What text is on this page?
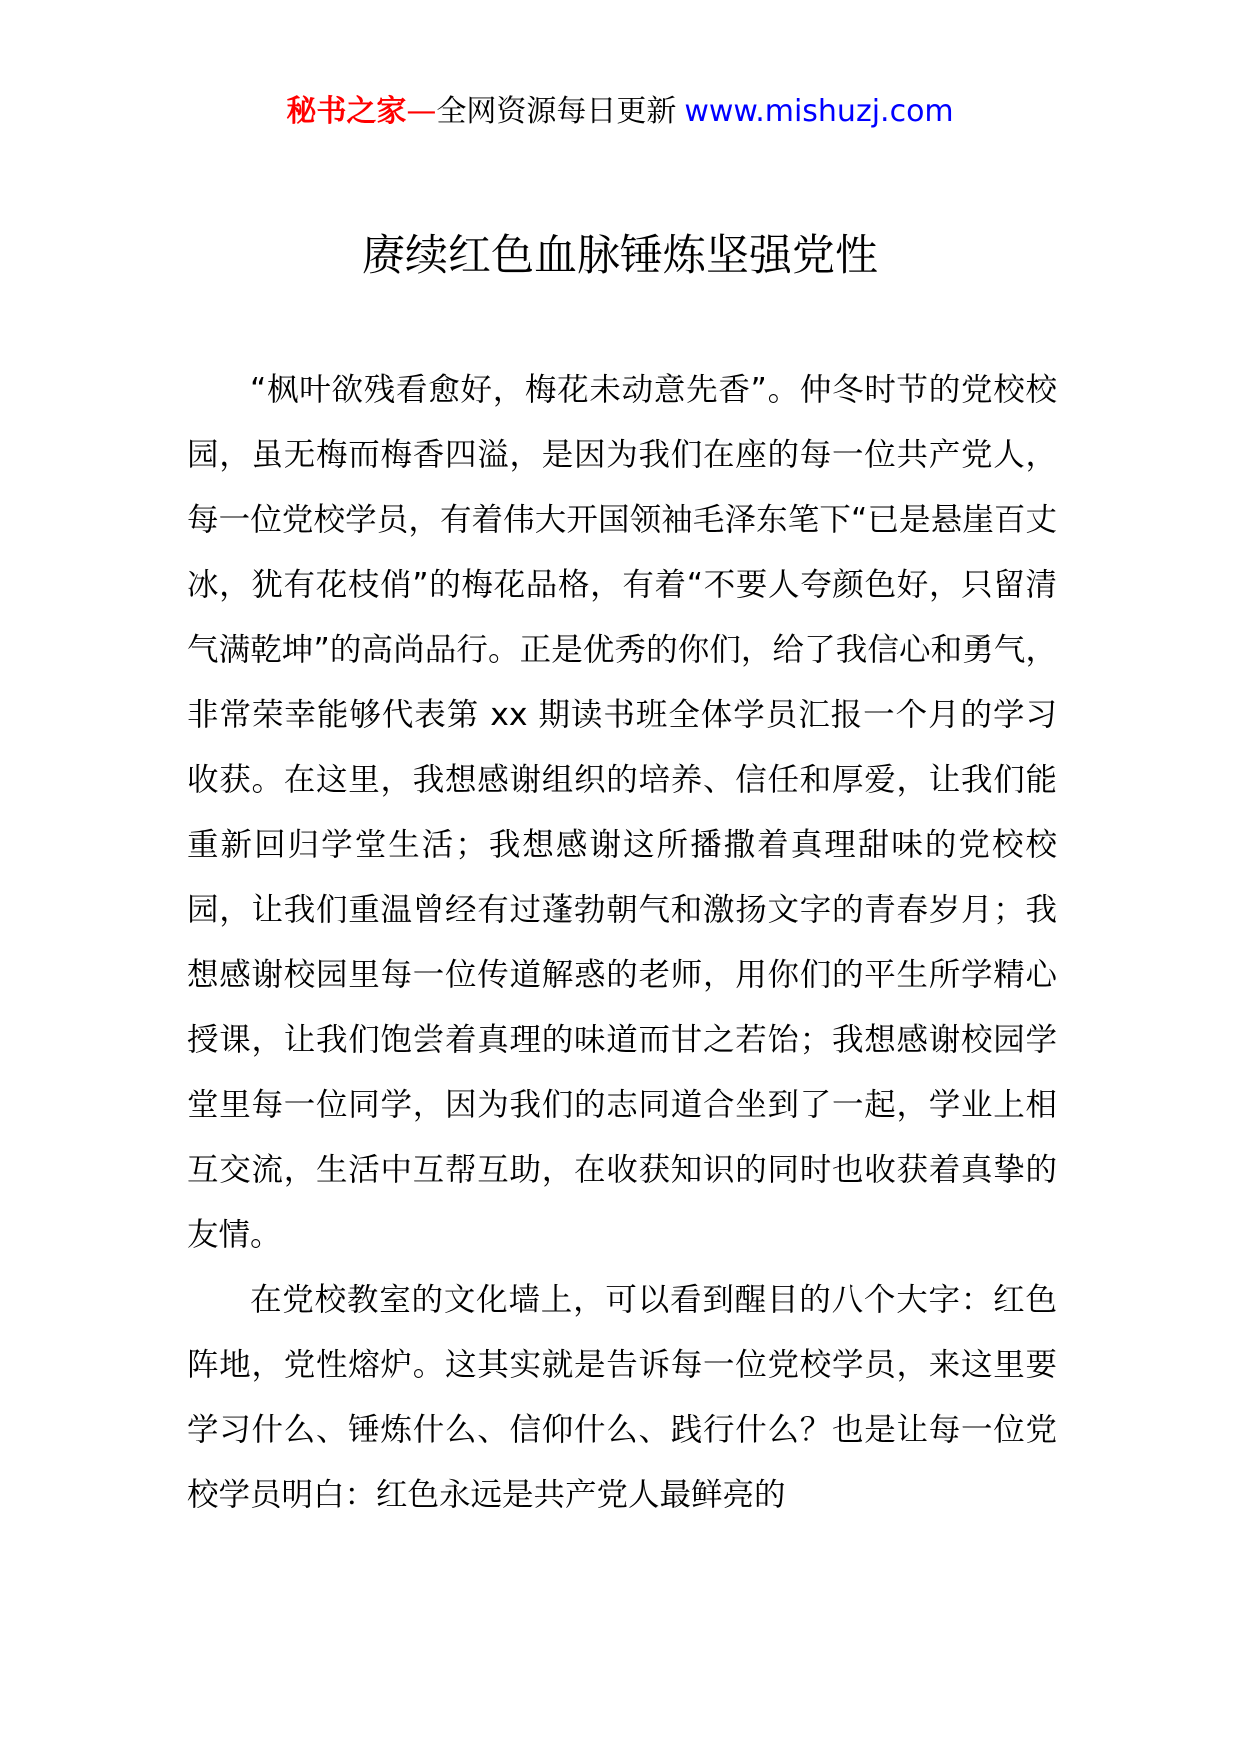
秘书之家—全网资源每日更新 www.mishuzj.com
赓续红色血脉锤炼坚强党性

“枫叶欲残看愈好，梅花未动意先香”。仲冬时节的党校校园，虽无梅而梅香四溢，是因为我们在座的每一位共产党人，每一位党校学员，有着伟大开国领袖毛泽东笔下“已是悬崖百丈冰，犹有花枝俏”的梅花品格，有着“不要人夸颜色好，只留清气满乾坤”的高尚品行。正是优秀的你们，给了我信心和勇气，非常荣幸能够代表第 xx 期读书班全体学员汇报一个月的学习收获。在这里，我想感谢组织的培养、信任和厚爱，让我们能重新回归学堂生活；我想感谢这所播撒着真理甜味的党校校园，让我们重温曾经有过蓬勃朝气和激扬文字的青春岁月；我想感谢校园里每一位传道解惑的老师，用你们的平生所学精心授课，让我们饱尝着真理的味道而甘之若饴；我想感谢校园学堂里每一位同学，因为我们的志同道合坐到了一起，学业上相互交流，生活中互帮互助，在收获知识的同时也收获着真挚的友情。

在党校教室的文化墙上，可以看到醒目的八个大字：红色阵地，党性熔炉。这其实就是告诉每一位党校学员，来这里要学习什么、锤炼什么、信仰什么、践行什么？也是让每一位党校学员明白：红色永远是共产党人最鲜亮的
